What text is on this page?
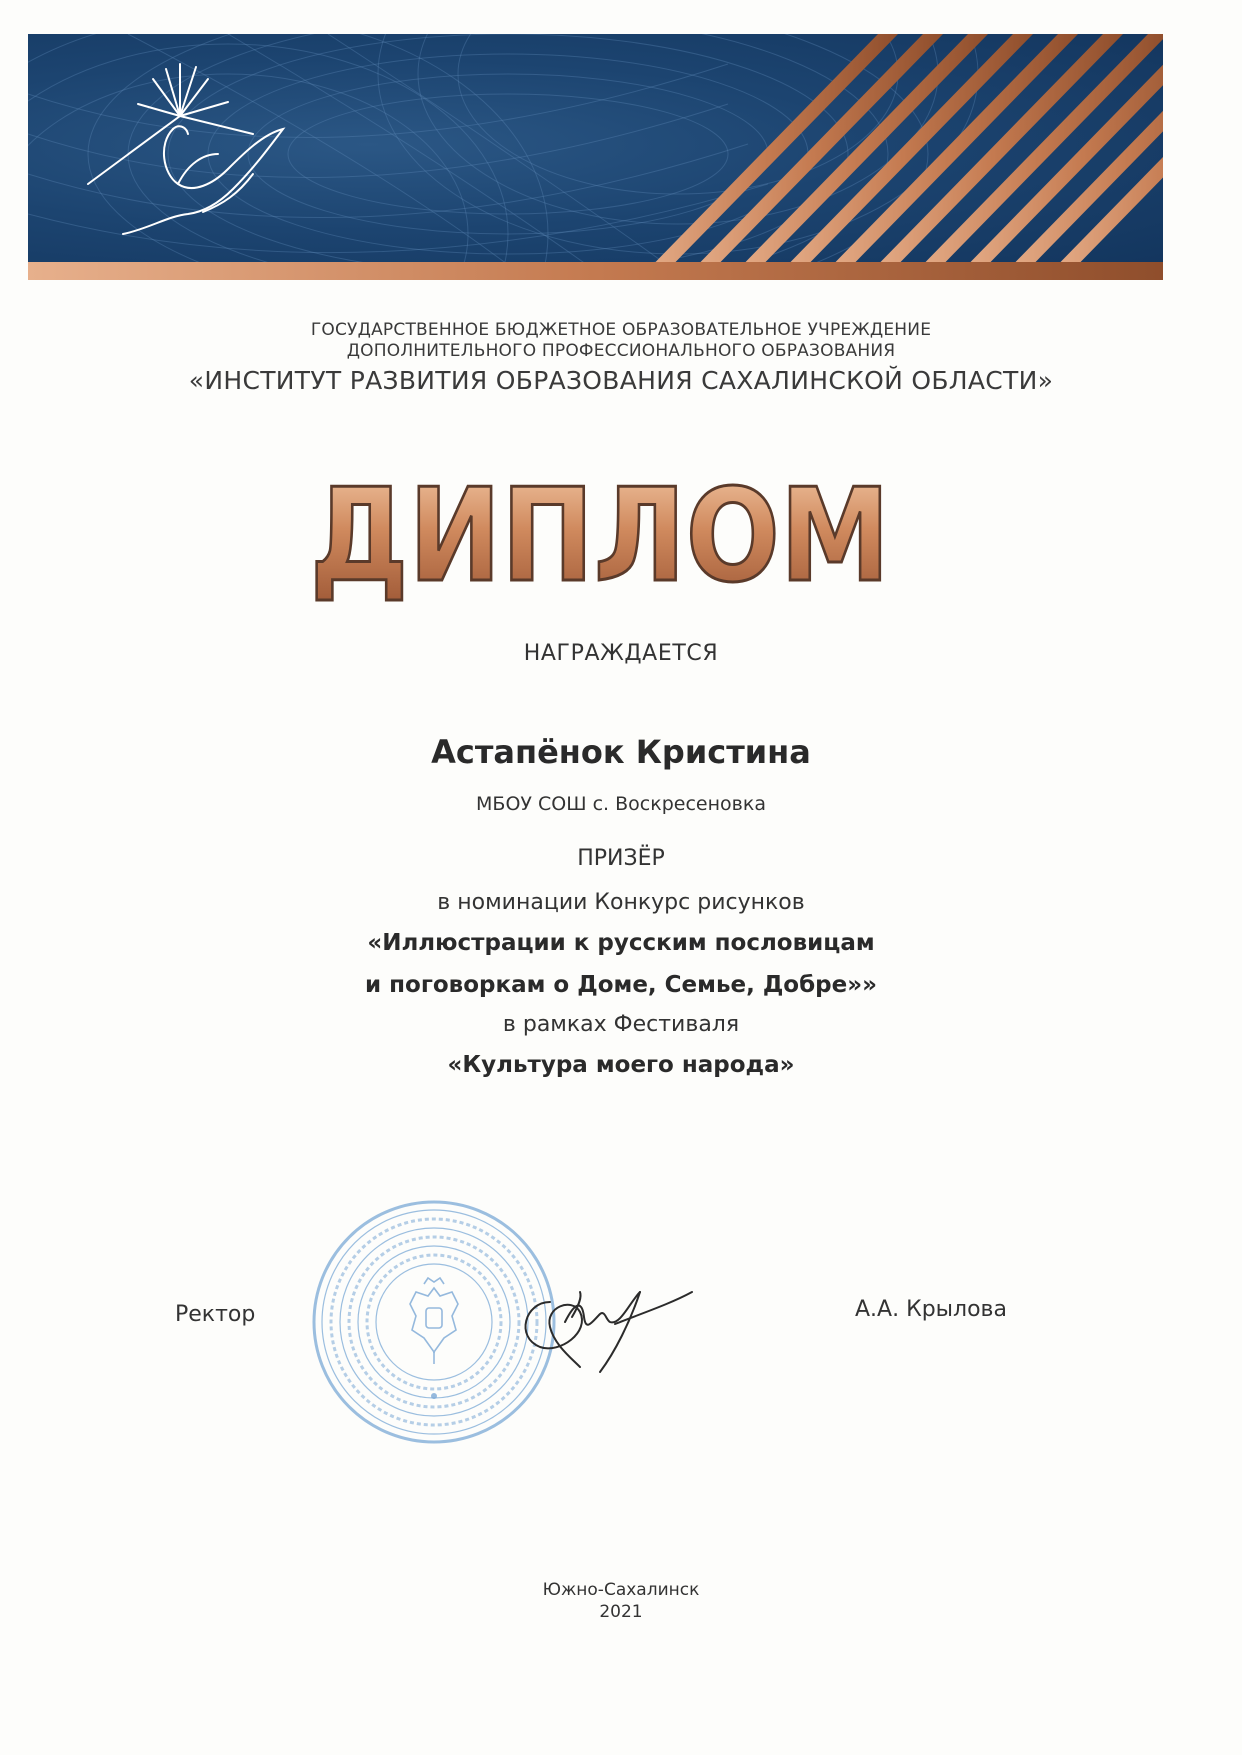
ГОСУДАРСТВЕННОЕ БЮДЖЕТНОЕ ОБРАЗОВАТЕЛЬНОЕ УЧРЕЖДЕНИЕ
ДОПОЛНИТЕЛЬНОГО ПРОФЕССИОНАЛЬНОГО ОБРАЗОВАНИЯ
«ИНСТИТУТ РАЗВИТИЯ ОБРАЗОВАНИЯ САХАЛИНСКОЙ ОБЛАСТИ»
ДИПЛОМ
НАГРАЖДАЕТСЯ
Астапёнок Кристина
МБОУ СОШ с. Воскресеновка
ПРИЗЁР
в номинации Конкурс рисунков
«Иллюстрации к русским пословицам
и поговоркам о Доме, Семье, Добре»»
в рамках Фестиваля
«Культура моего народа»
Ректор	А.А. Крылова
Южно-Сахалинск
2021
